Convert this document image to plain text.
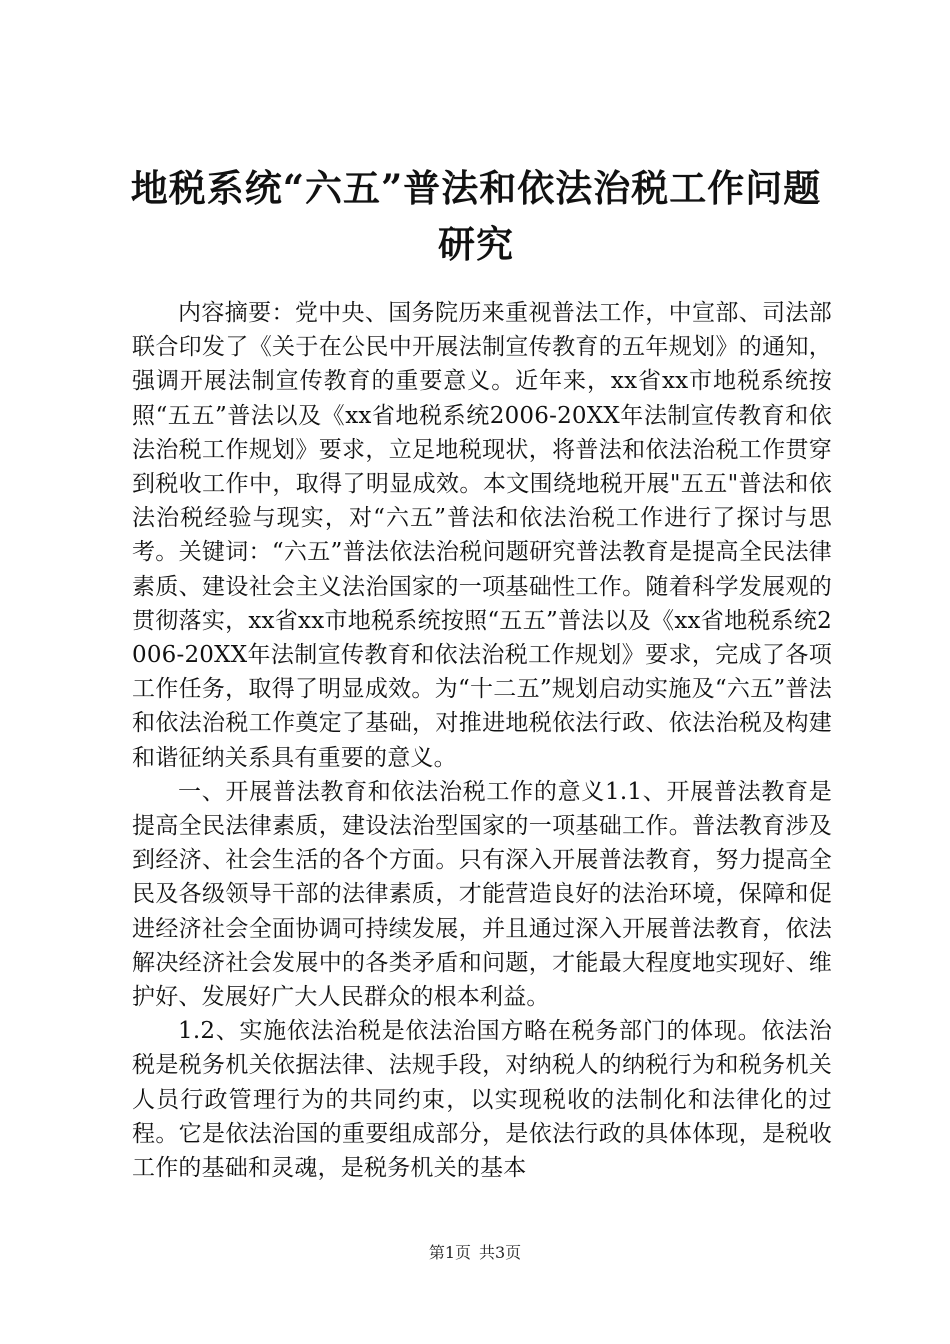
地税系统“六五”普法和依法治税工作问题研究

内容摘要：党中央、国务院历来重视普法工作，中宣部、司法部联合印发了《关于在公民中开展法制宣传教育的五年规划》的通知，强调开展法制宣传教育的重要意义。近年来，xx省xx市地税系统按照“五五”普法以及《xx省地税系统2006-20XX年法制宣传教育和依法治税工作规划》要求，立足地税现状，将普法和依法治税工作贯穿到税收工作中，取得了明显成效。本文围绕地税开展"五五"普法和依法治税经验与现实，对“六五”普法和依法治税工作进行了探讨与思考。关键词：“六五”普法依法治税问题研究普法教育是提高全民法律素质、建设社会主义法治国家的一项基础性工作。随着科学发展观的贯彻落实，xx省xx市地税系统按照“五五”普法以及《xx省地税系统2006-20XX年法制宣传教育和依法治税工作规划》要求，完成了各项工作任务，取得了明显成效。为“十二五”规划启动实施及“六五”普法和依法治税工作奠定了基础，对推进地税依法行政、依法治税及构建和谐征纳关系具有重要的意义。

一、开展普法教育和依法治税工作的意义1.1、开展普法教育是提高全民法律素质，建设法治型国家的一项基础工作。普法教育涉及到经济、社会生活的各个方面。只有深入开展普法教育，努力提高全民及各级领导干部的法律素质，才能营造良好的法治环境，保障和促进经济社会全面协调可持续发展，并且通过深入开展普法教育，依法解决经济社会发展中的各类矛盾和问题，才能最大程度地实现好、维护好、发展好广大人民群众的根本利益。

1.2、实施依法治税是依法治国方略在税务部门的体现。依法治税是税务机关依据法律、法规手段，对纳税人的纳税行为和税务机关人员行政管理行为的共同约束，以实现税收的法制化和法律化的过程。它是依法治国的重要组成部分，是依法行政的具体体现，是税收工作的基础和灵魂，是税务机关的基本

第1页 共3页
